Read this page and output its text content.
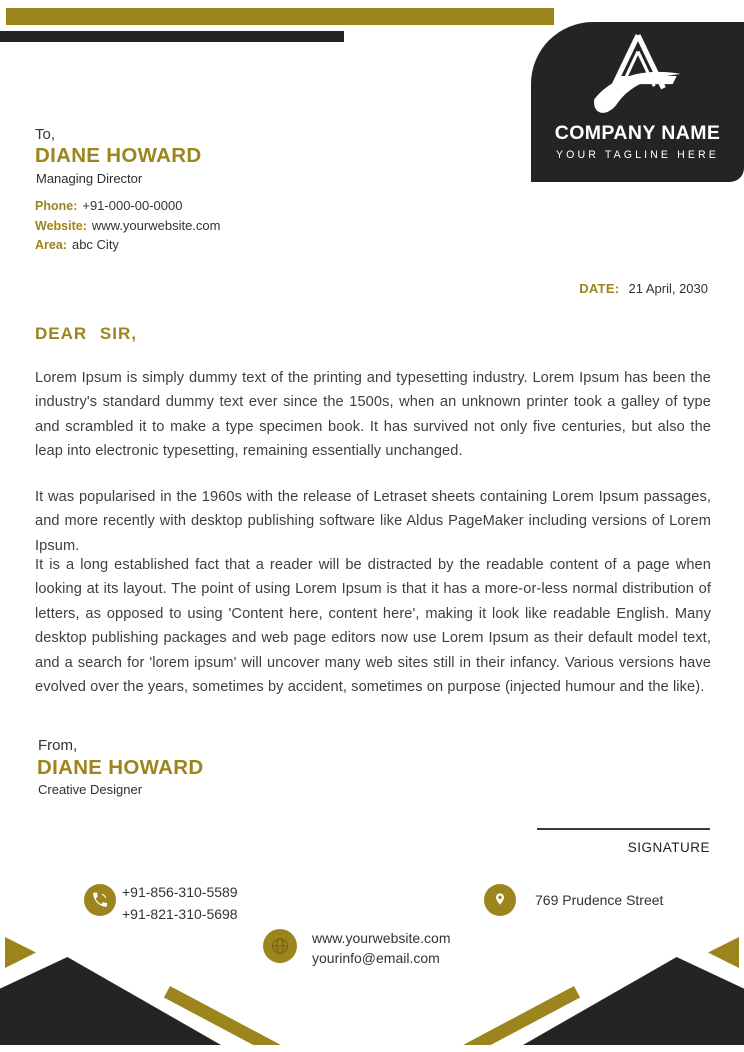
COMPANY NAME
YOUR TAGLINE HERE
To,
DIANE HOWARD
Managing Director
Phone: +91-000-00-0000
Website: www.yourwebsite.com
Area: abc City
DATE: 21 April, 2030
DEAR SIR,

Lorem Ipsum is simply dummy text of the printing and typesetting industry. Lorem Ipsum has been the industry's standard dummy text ever since the 1500s, when an unknown printer took a galley of type and scrambled it to make a type specimen book. It has survived not only five centuries, but also the leap into electronic typesetting, remaining essentially unchanged.

It was popularised in the 1960s with the release of Letraset sheets containing Lorem Ipsum passages, and more recently with desktop publishing software like Aldus PageMaker including versions of Lorem Ipsum.

It is a long established fact that a reader will be distracted by the readable content of a page when looking at its layout. The point of using Lorem Ipsum is that it has a more-or-less normal distribution of letters, as opposed to using 'Content here, content here', making it look like readable English. Many desktop publishing packages and web page editors now use Lorem Ipsum as their default model text, and a search for 'lorem ipsum' will uncover many web sites still in their infancy. Various versions have evolved over the years, sometimes by accident, sometimes on purpose (injected humour and the like).

From,
DIANE HOWARD
Creative Designer
SIGNATURE
+91-856-310-5589
+91-821-310-5698
769 Prudence Street
www.yourwebsite.com
yourinfo@email.com
